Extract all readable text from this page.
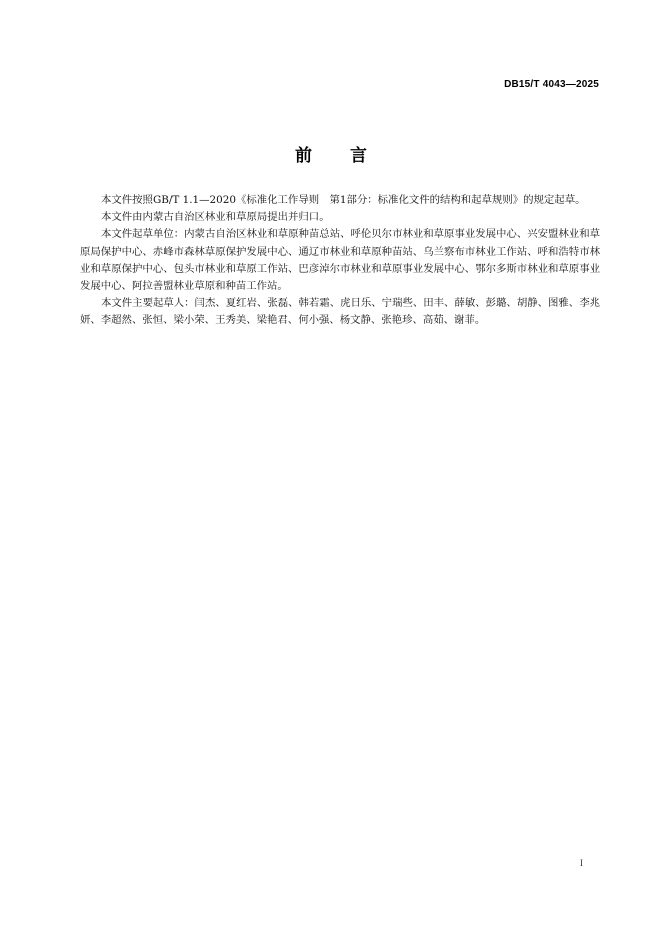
DB15/T 4043—2025
前言

本文件按照GB/T 1.1—2020《标准化工作导则　第1部分：标准化文件的结构和起草规则》的规定起草。

本文件由内蒙古自治区林业和草原局提出并归口。

本文件起草单位：内蒙古自治区林业和草原种苗总站、呼伦贝尔市林业和草原事业发展中心、兴安盟林业和草原局保护中心、赤峰市森林草原保护发展中心、通辽市林业和草原种苗站、乌兰察布市林业工作站、呼和浩特市林业和草原保护中心、包头市林业和草原工作站、巴彦淖尔市林业和草原事业发展中心、鄂尔多斯市林业和草原事业发展中心、阿拉善盟林业草原和种苗工作站。

本文件主要起草人：闫杰、夏红岩、张磊、韩若霜、虎日乐、宁瑞些、田丰、薛敏、彭璐、胡静、图雅、李兆妍、李超然、张恒、梁小荣、王秀美、梁艳君、何小强、杨文静、张艳珍、高茹、谢菲。

I
